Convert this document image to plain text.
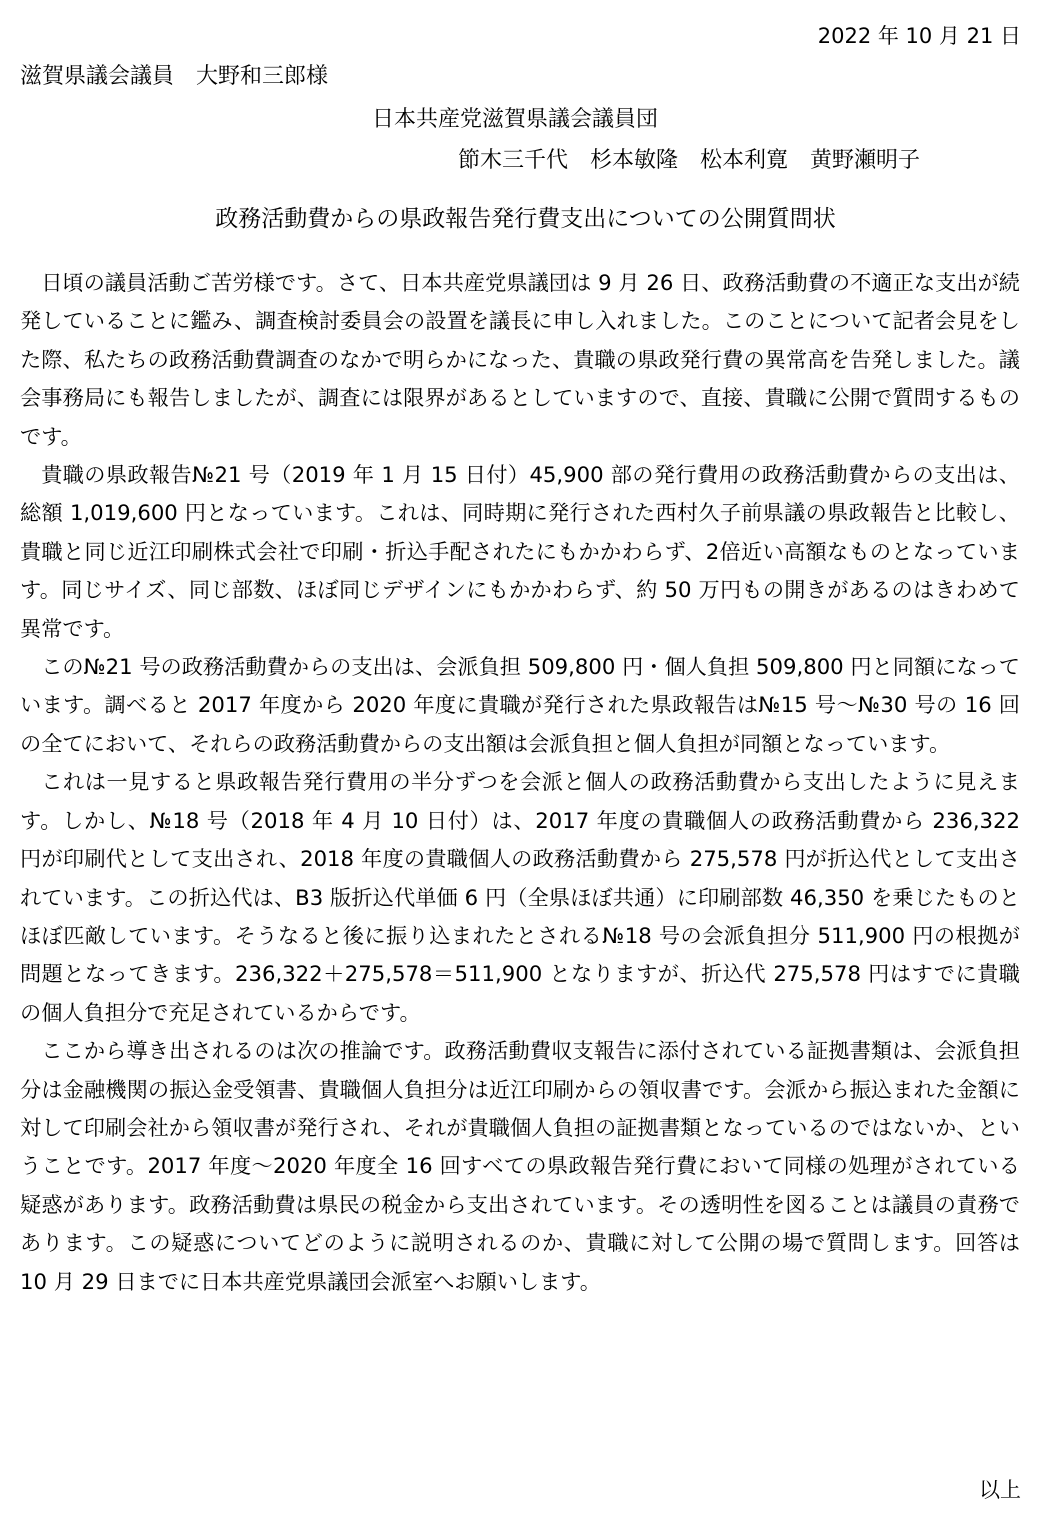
2022 年 10 月 21 日
滋賀県議会議員　大野和三郎様
日本共産党滋賀県議会議員団
節木三千代　杉本敏隆　松本利寛　黄野瀬明子
政務活動費からの県政報告発行費支出についての公開質問状

日頃の議員活動ご苦労様です。さて、日本共産党県議団は 9 月 26 日、政務活動費の不適正な支出が続発していることに鑑み、調査検討委員会の設置を議長に申し入れました。このことについて記者会見をした際、私たちの政務活動費調査のなかで明らかになった、貴職の県政発行費の異常高を告発しました。議会事務局にも報告しましたが、調査には限界があるとしていますので、直接、貴職に公開で質問するものです。

貴職の県政報告№21 号（2019 年 1 月 15 日付）45,900 部の発行費用の政務活動費からの支出は、総額 1,019,600 円となっています。これは、同時期に発行された西村久子前県議の県政報告と比較し、貴職と同じ近江印刷株式会社で印刷・折込手配されたにもかかわらず、2倍近い高額なものとなっています。同じサイズ、同じ部数、ほぼ同じデザインにもかかわらず、約 50 万円もの開きがあるのはきわめて異常です。

この№21 号の政務活動費からの支出は、会派負担 509,800 円・個人負担 509,800 円と同額になっています。調べると 2017 年度から 2020 年度に貴職が発行された県政報告は№15 号～№30 号の 16 回の全てにおいて、それらの政務活動費からの支出額は会派負担と個人負担が同額となっています。

これは一見すると県政報告発行費用の半分ずつを会派と個人の政務活動費から支出したように見えます。しかし、№18 号（2018 年 4 月 10 日付）は、2017 年度の貴職個人の政務活動費から 236,322 円が印刷代として支出され、2018 年度の貴職個人の政務活動費から 275,578 円が折込代として支出されています。この折込代は、B3 版折込代単価 6 円（全県ほぼ共通）に印刷部数 46,350 を乗じたものとほぼ匹敵しています。そうなると後に振り込まれたとされる№18 号の会派負担分 511,900 円の根拠が問題となってきます。236,322＋275,578＝511,900 となりますが、折込代 275,578 円はすでに貴職の個人負担分で充足されているからです。

ここから導き出されるのは次の推論です。政務活動費収支報告に添付されている証拠書類は、会派負担分は金融機関の振込金受領書、貴職個人負担分は近江印刷からの領収書です。会派から振込まれた金額に対して印刷会社から領収書が発行され、それが貴職個人負担の証拠書類となっているのではないか、ということです。2017 年度～2020 年度全 16 回すべての県政報告発行費において同様の処理がされている疑惑があります。政務活動費は県民の税金から支出されています。その透明性を図ることは議員の責務であります。この疑惑についてどのように説明されるのか、貴職に対して公開の場で質問します。回答は 10 月 29 日までに日本共産党県議団会派室へお願いします。

以上
